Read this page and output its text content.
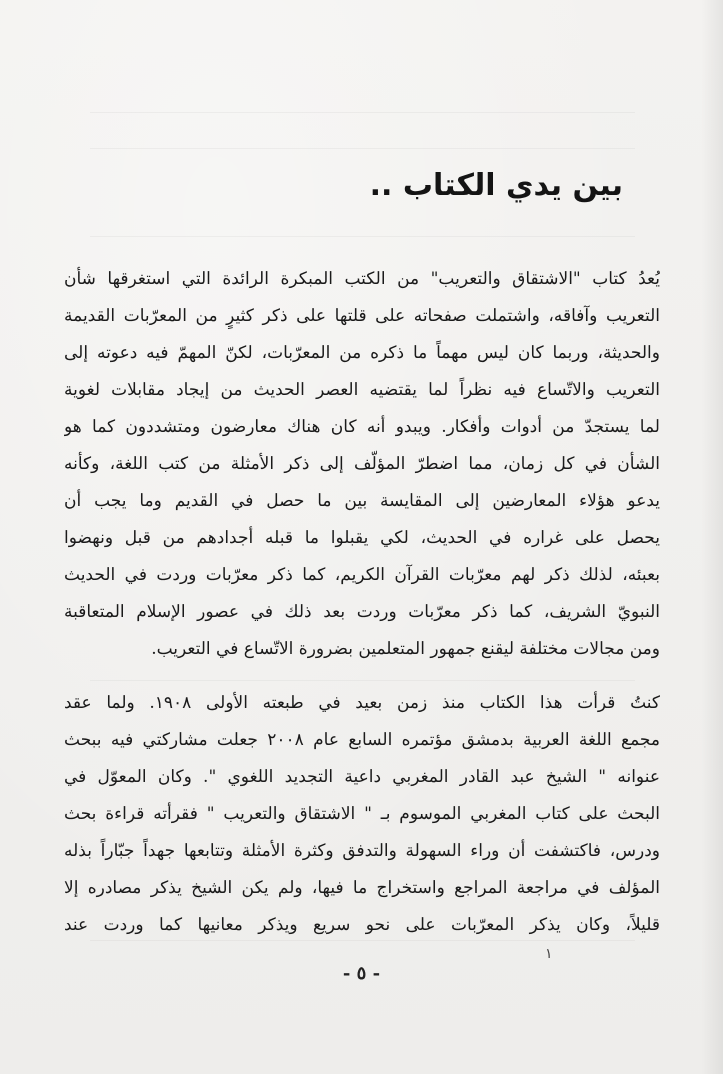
بين يدي الكتاب ..
يُعدُ كتاب "الاشتقاق والتعريب" من الكتب المبكرة الرائدة التي استغرقها شأن
التعريب وآفاقه، واشتملت صفحاته على قلتها على ذكر كثيرٍ من المعرّبات القديمة
والحديثة، وربما كان ليس مهماً ما ذكره من المعرّبات، لكنّ المهمّ فيه دعوته إلى
التعريب والاتّساع فيه نظراً لما يقتضيه العصر الحديث من إيجاد مقابلات لغوية
لما يستجدّ من أدوات وأفكار. ويبدو أنه كان هناك معارضون ومتشددون كما هو
الشأن في كل زمان، مما اضطرّ المؤلّف إلى ذكر الأمثلة من كتب اللغة، وكأنه
يدعو هؤلاء المعارضين إلى المقايسة بين ما حصل في القديم وما يجب أن
يحصل على غراره في الحديث، لكي يقبلوا ما قبله أجدادهم من قبل ونهضوا
بعبئه، لذلك ذكر لهم معرّبات القرآن الكريم، كما ذكر معرّبات وردت في الحديث
النبويّ الشريف، كما ذكر معرّبات وردت بعد ذلك في عصور الإسلام المتعاقبة
ومن مجالات مختلفة ليقنع جمهور المتعلمين بضرورة الاتّساع في التعريب.
كنتُ قرأت هذا الكتاب منذ زمن بعيد في طبعته الأولى ١٩٠٨. ولما عقد
مجمع اللغة العربية بدمشق مؤتمره السابع عام ٢٠٠٨ جعلت مشاركتي فيه ببحث
عنوانه " الشيخ عبد القادر المغربي داعية التجديد اللغوي ". وكان المعوّل في
البحث على كتاب المغربي الموسوم بـ " الاشتقاق والتعريب " فقرأته قراءة بحث
ودرس، فاكتشفت أن وراء السهولة والتدفق وكثرة الأمثلة وتتابعها جهداً جبّاراً بذله
المؤلف في مراجعة المراجع واستخراج ما فيها، ولم يكن الشيخ يذكر مصادره إلا
قليلاً، وكان يذكر المعرّبات على نحو سريع ويذكر معانيها كما وردت عند
١
- ٥ -
